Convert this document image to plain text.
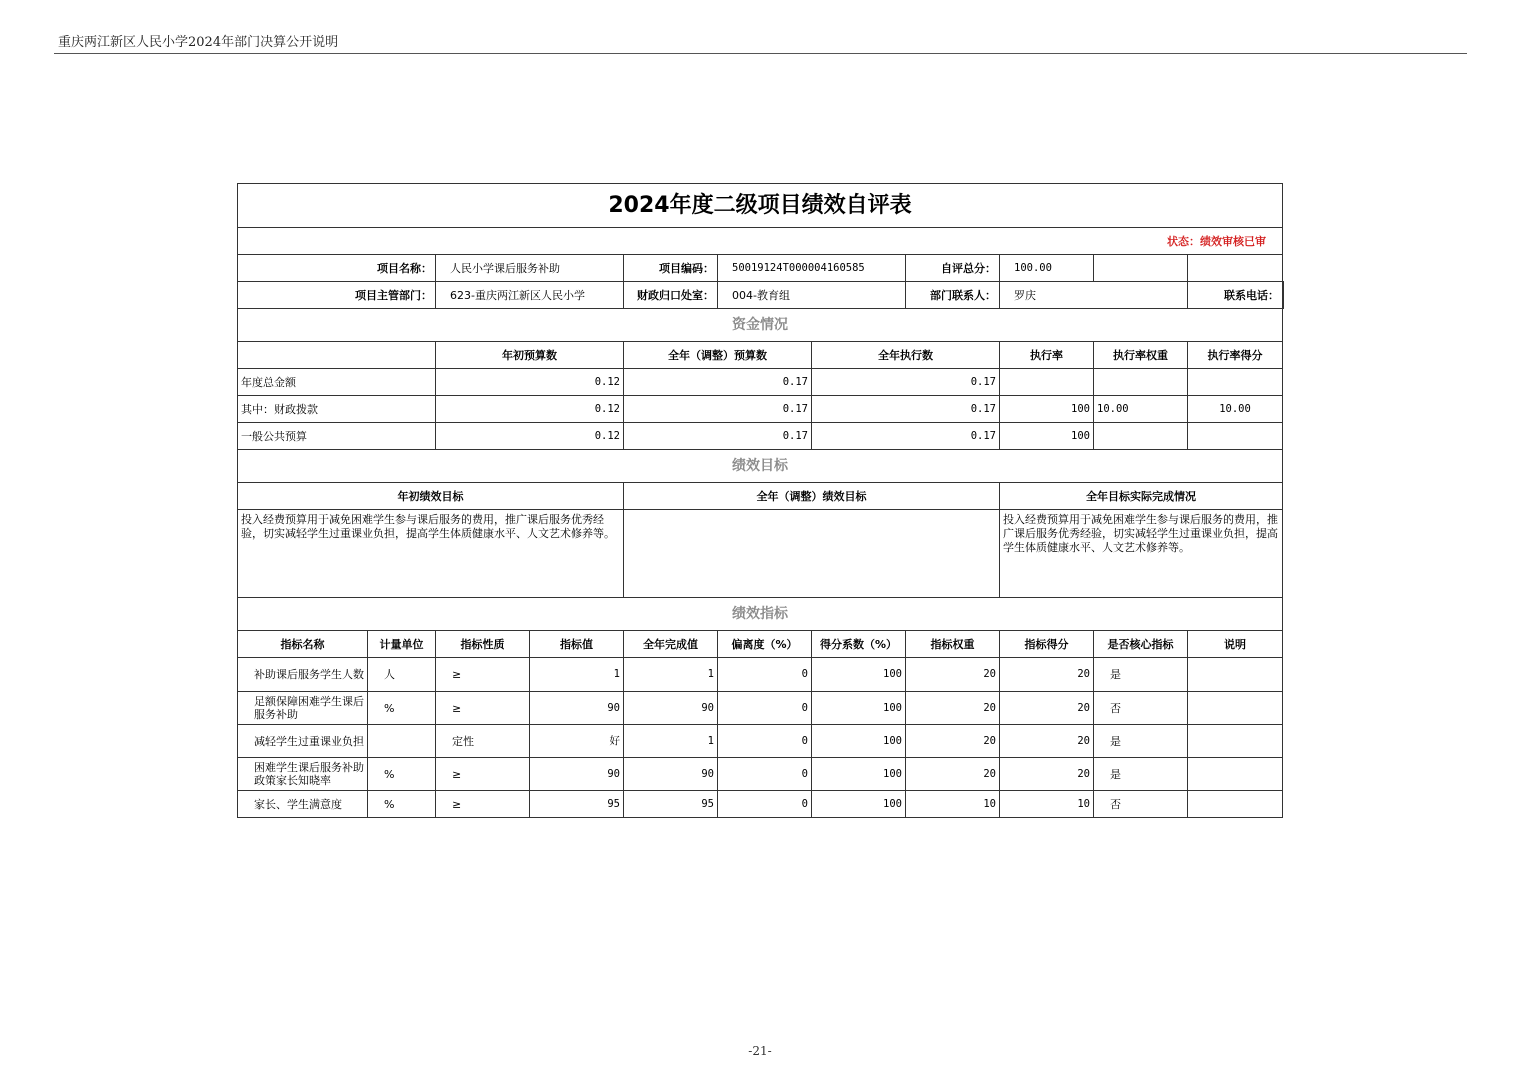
重庆两江新区人民小学2024年部门决算公开说明
2024年度二级项目绩效自评表											
状态：绩效审核已审											
项目名称：		人民小学课后服务补助		项目编码：	50019124T000004160585		自评总分：	100.00			
项目主管部门：		623-重庆两江新区人民小学		财政归口处室：	004-教育组		部门联系人：	罗庆		联系电话：	
资金情况											
		年初预算数		全年（调整）预算数		全年执行数		执行率	执行率权重	执行率得分	
年度总金额		0.12		0.17		0.17					
其中：财政拨款		0.12		0.17		0.17		100	10.00	10.00	
一般公共预算		0.12		0.17		0.17		100			
绩效目标											
年初绩效目标				全年（调整）绩效目标				全年目标实际完成情况			
投入经费预算用于减免困难学生参与课后服务的费用，推广课后服务优秀经验，切实减轻学生过重课业负担，提高学生体质健康水平、人文艺术修养等。								投入经费预算用于减免困难学生参与课后服务的费用，推广课后服务优秀经验，切实减轻学生过重课业负担，提高学生体质健康水平、人文艺术修养等。			
绩效指标											
指标名称	计量单位	指标性质	指标值	全年完成值	偏离度（%）	得分系数（%）	指标权重	指标得分	是否核心指标	说明	
补助课后服务学生人数	人	≥	1	1	0	100	20	20	是		
足额保障困难学生课后服务补助	%	≥	90	90	0	100	20	20	否		
减轻学生过重课业负担		定性	好	1	0	100	20	20	是		
困难学生课后服务补助政策家长知晓率	%	≥	90	90	0	100	20	20	是		
家长、学生满意度	%	≥	95	95	0	100	10	10	否		
-21-
